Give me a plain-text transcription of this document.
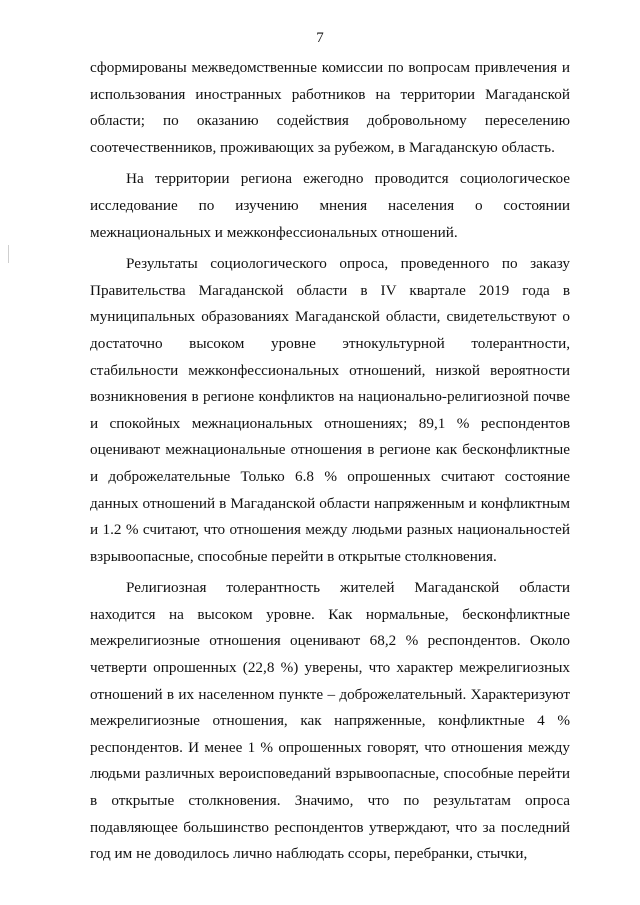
7

сформированы межведомственные комиссии по вопросам привлечения и использования иностранных работников на территории Магаданской области; по оказанию содействия добровольному переселению соотечественников, проживающих за рубежом, в Магаданскую область.

На территории региона ежегодно проводится социологическое исследование по изучению мнения населения о состоянии межнациональных и межконфессиональных отношений.

Результаты социологического опроса, проведенного по заказу Правительства Магаданской области в IV квартале 2019 года в муниципальных образованиях Магаданской области, свидетельствуют о достаточно высоком уровне этнокультурной толерантности, стабильности межконфессиональных отношений, низкой вероятности возникновения в регионе конфликтов на национально-религиозной почве и спокойных межнациональных отношениях; 89,1 % респондентов оценивают межнациональные отношения в регионе как бесконфликтные и доброжелательные Только 6.8 % опрошенных считают состояние данных отношений в Магаданской области напряженным и конфликтным и 1.2 % считают, что отношения между людьми разных национальностей взрывоопасные, способные перейти в открытые столкновения.

Религиозная толерантность жителей Магаданской области находится на высоком уровне. Как нормальные, бесконфликтные межрелигиозные отношения оценивают 68,2 % респондентов. Около четверти опрошенных (22,8 %) уверены, что характер межрелигиозных отношений в их населенном пункте – доброжелательный. Характеризуют межрелигиозные отношения, как напряженные, конфликтные 4 % респондентов. И менее 1 % опрошенных говорят, что отношения между людьми различных вероисповеданий взрывоопасные, способные перейти в открытые столкновения. Значимо, что по результатам опроса подавляющее большинство респондентов утверждают, что за последний год им не доводилось лично наблюдать ссоры, перебранки, стычки,
